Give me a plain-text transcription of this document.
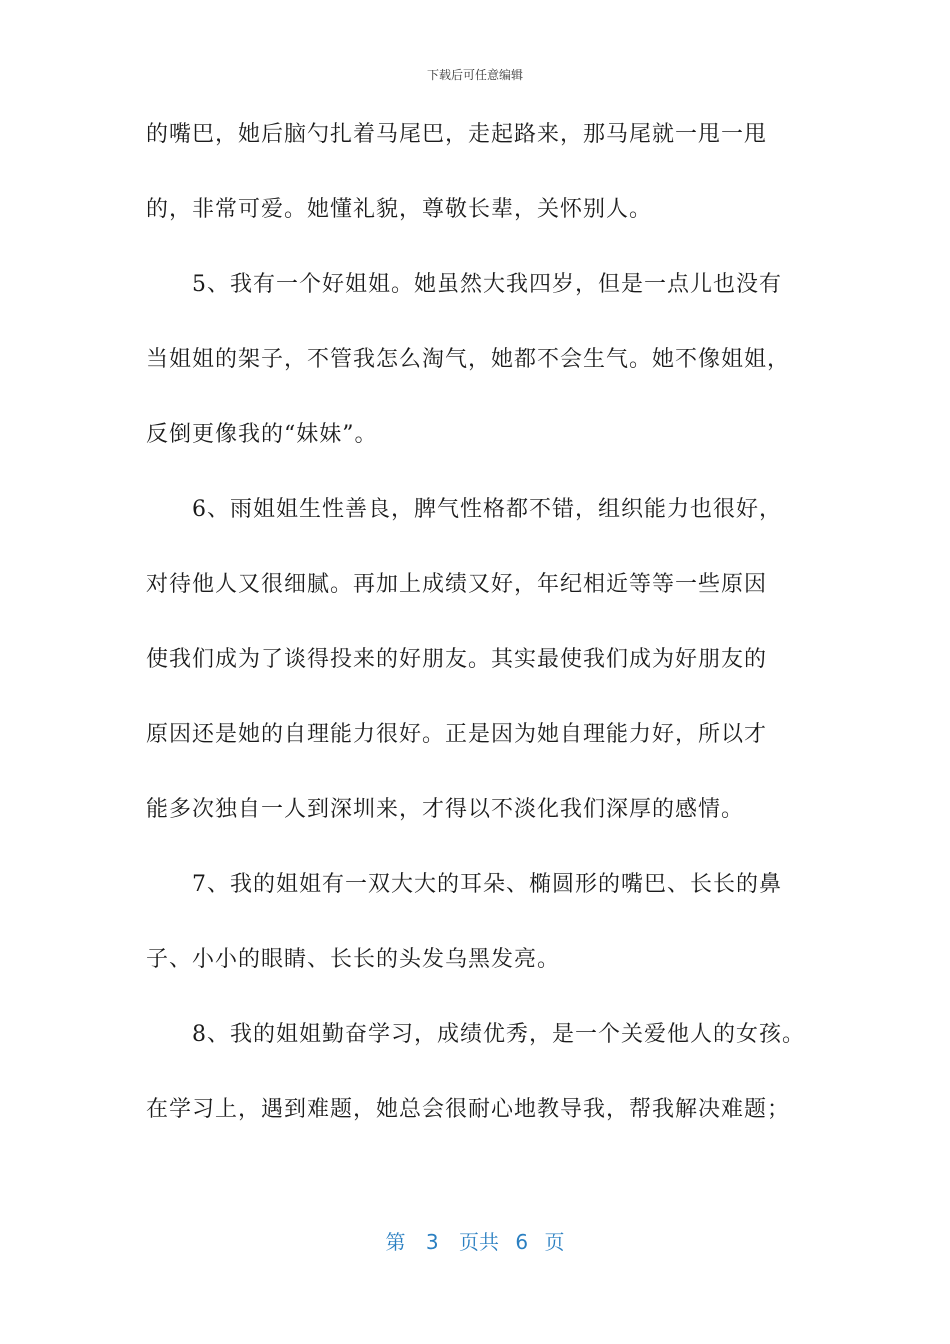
下载后可任意编辑
的嘴巴，她后脑勺扎着马尾巴，走起路来，那马尾就一甩一甩
的，非常可爱。她懂礼貌，尊敬长辈，关怀别人。
5、我有一个好姐姐。她虽然大我四岁，但是一点儿也没有
当姐姐的架子，不管我怎么淘气，她都不会生气。她不像姐姐，
反倒更像我的“妹妹”。
6、雨姐姐生性善良，脾气性格都不错，组织能力也很好，
对待他人又很细腻。再加上成绩又好，年纪相近等等一些原因
使我们成为了谈得投来的好朋友。其实最使我们成为好朋友的
原因还是她的自理能力很好。正是因为她自理能力好，所以才
能多次独自一人到深圳来，才得以不淡化我们深厚的感情。
7、我的姐姐有一双大大的耳朵、椭圆形的嘴巴、长长的鼻
子、小小的眼睛、长长的头发乌黑发亮。
8、我的姐姐勤奋学习，成绩优秀，是一个关爱他人的女孩。
在学习上，遇到难题，她总会很耐心地教导我，帮我解决难题；
第 3 页共 6 页
